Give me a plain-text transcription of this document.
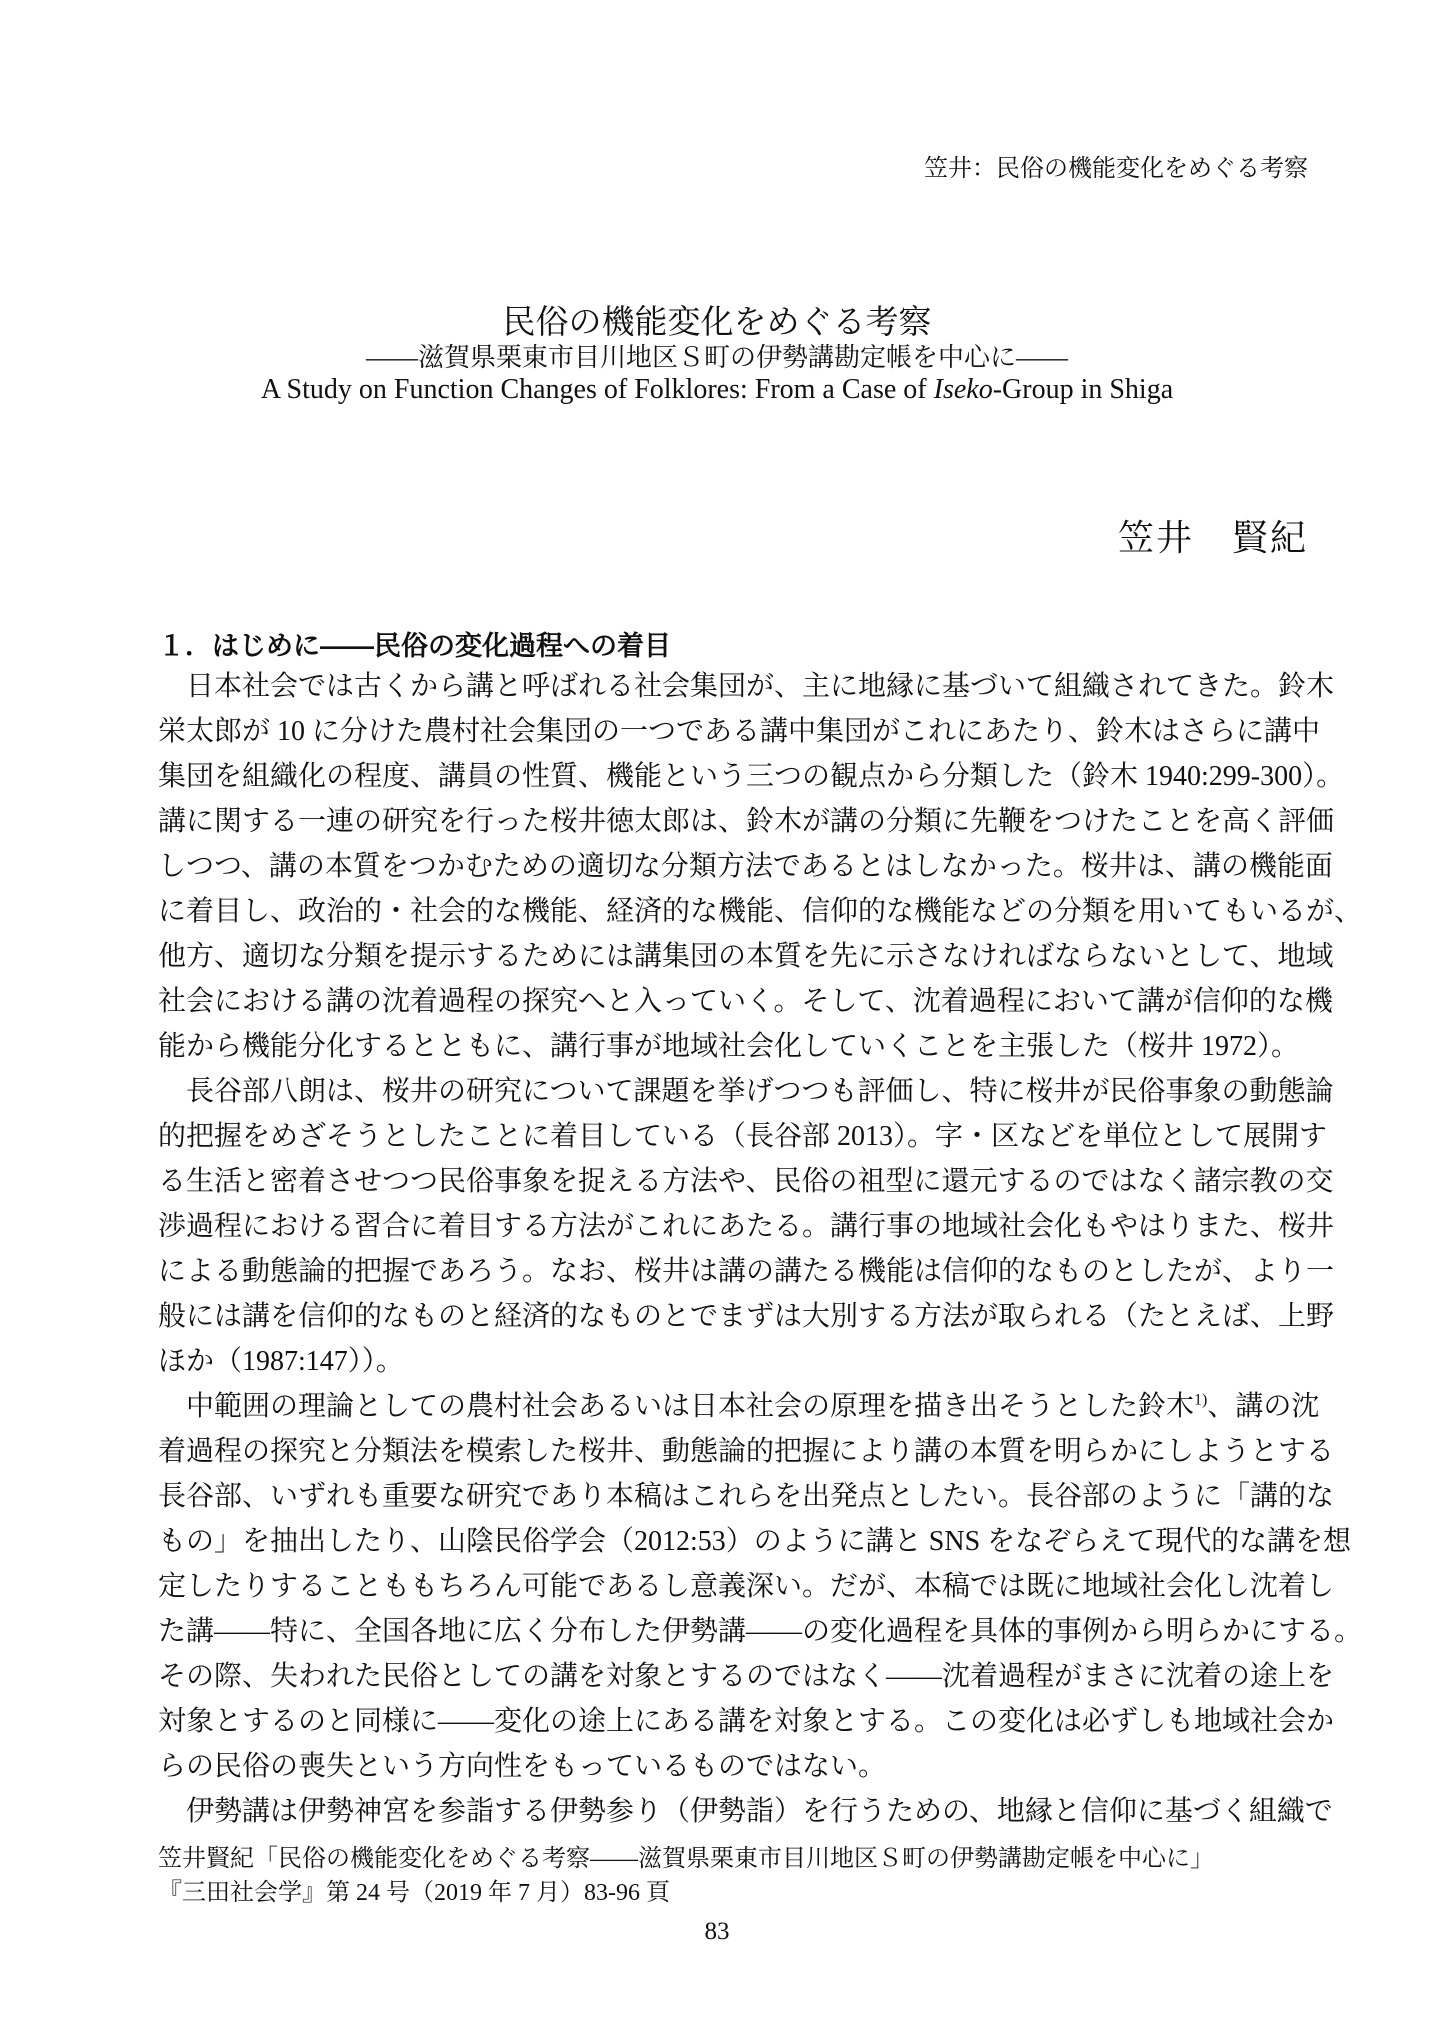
笠井：民俗の機能変化をめぐる考察
民俗の機能変化をめぐる考察
――滋賀県栗東市目川地区Ｓ町の伊勢講勘定帳を中心に――
A Study on Function Changes of Folklores: From a Case of Iseko-Group in Shiga
笠井　賢紀
１．はじめに――民俗の変化過程への着目
日本社会では古くから講と呼ばれる社会集団が、主に地縁に基づいて組織されてきた。鈴木
栄太郎が 10 に分けた農村社会集団の一つである講中集団がこれにあたり、鈴木はさらに講中
集団を組織化の程度、講員の性質、機能という三つの観点から分類した（鈴木 1940:299-300）。
講に関する一連の研究を行った桜井徳太郎は、鈴木が講の分類に先鞭をつけたことを高く評価
しつつ、講の本質をつかむための適切な分類方法であるとはしなかった。桜井は、講の機能面
に着目し、政治的・社会的な機能、経済的な機能、信仰的な機能などの分類を用いてもいるが、
他方、適切な分類を提示するためには講集団の本質を先に示さなければならないとして、地域
社会における講の沈着過程の探究へと入っていく。そして、沈着過程において講が信仰的な機
能から機能分化するとともに、講行事が地域社会化していくことを主張した（桜井 1972）。
長谷部八朗は、桜井の研究について課題を挙げつつも評価し、特に桜井が民俗事象の動態論
的把握をめざそうとしたことに着目している（長谷部 2013）。字・区などを単位として展開す
る生活と密着させつつ民俗事象を捉える方法や、民俗の祖型に還元するのではなく諸宗教の交
渉過程における習合に着目する方法がこれにあたる。講行事の地域社会化もやはりまた、桜井
による動態論的把握であろう。なお、桜井は講の講たる機能は信仰的なものとしたが、より一
般には講を信仰的なものと経済的なものとでまずは大別する方法が取られる（たとえば、上野
ほか（1987:147））。
中範囲の理論としての農村社会あるいは日本社会の原理を描き出そうとした鈴木$^{1)}$、講の沈
着過程の探究と分類法を模索した桜井、動態論的把握により講の本質を明らかにしようとする
長谷部、いずれも重要な研究であり本稿はこれらを出発点としたい。長谷部のように「講的な
もの」を抽出したり、山陰民俗学会（2012:53）のように講と SNS をなぞらえて現代的な講を想
定したりすることももちろん可能であるし意義深い。だが、本稿では既に地域社会化し沈着し
た講――特に、全国各地に広く分布した伊勢講――の変化過程を具体的事例から明らかにする。
その際、失われた民俗としての講を対象とするのではなく――沈着過程がまさに沈着の途上を
対象とするのと同様に――変化の途上にある講を対象とする。この変化は必ずしも地域社会か
らの民俗の喪失という方向性をもっているものではない。
伊勢講は伊勢神宮を参詣する伊勢参り（伊勢詣）を行うための、地縁と信仰に基づく組織で
笠井賢紀「民俗の機能変化をめぐる考察――滋賀県栗東市目川地区Ｓ町の伊勢講勘定帳を中心に」
『三田社会学』第 24 号（2019 年 7 月）83-96 頁
83
